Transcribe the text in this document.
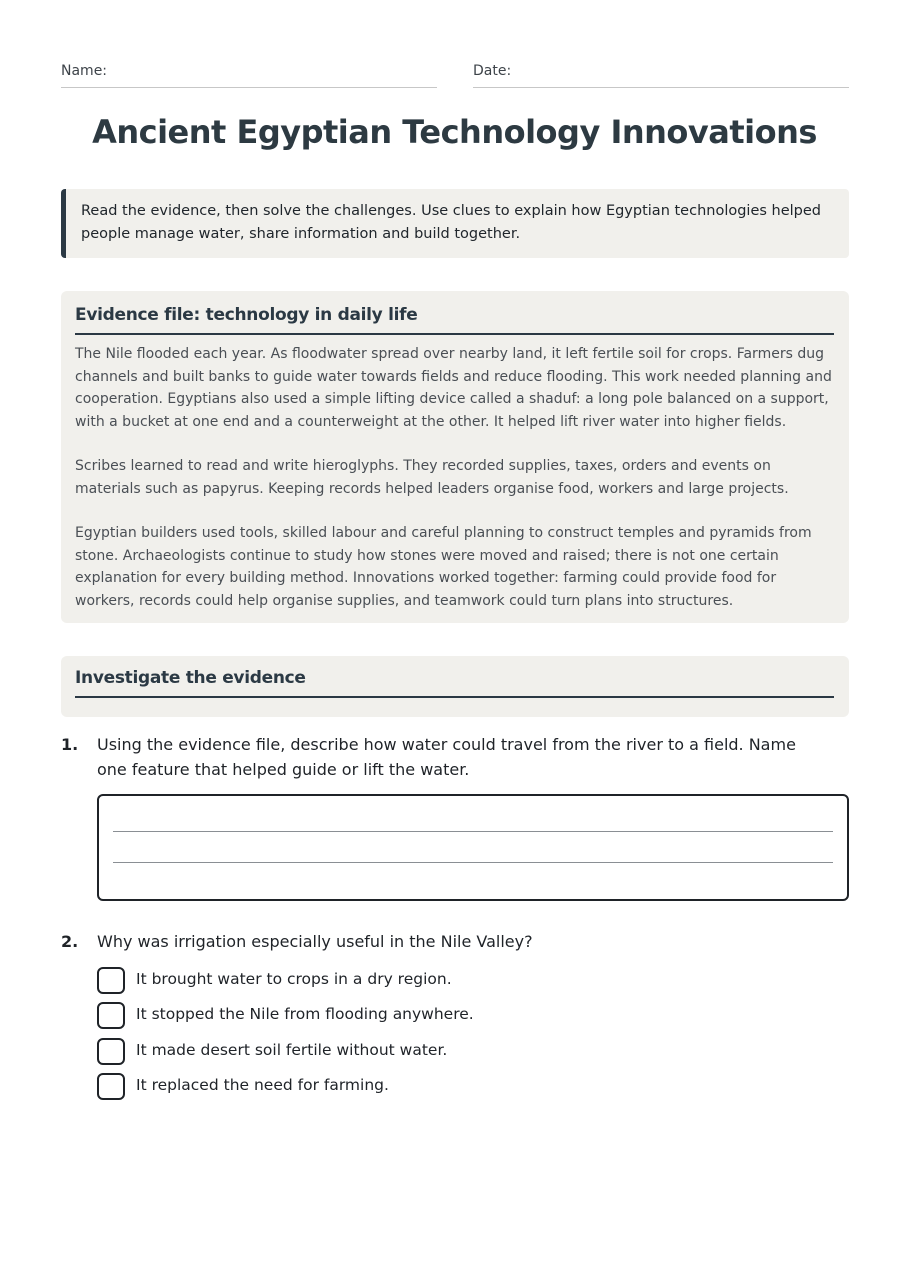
Name:	Date:
Ancient Egyptian Technology Innovations
Read the evidence, then solve the challenges. Use clues to explain how Egyptian technologies helped people manage water, share information and build together.
Evidence file: technology in daily life

The Nile flooded each year. As floodwater spread over nearby land, it left fertile soil for crops. Farmers dug channels and built banks to guide water towards fields and reduce flooding. This work needed planning and cooperation. Egyptians also used a simple lifting device called a shaduf: a long pole balanced on a support, with a bucket at one end and a counterweight at the other. It helped lift river water into higher fields.

Scribes learned to read and write hieroglyphs. They recorded supplies, taxes, orders and events on materials such as papyrus. Keeping records helped leaders organise food, workers and large projects.

Egyptian builders used tools, skilled labour and careful planning to construct temples and pyramids from stone. Archaeologists continue to study how stones were moved and raised; there is not one certain explanation for every building method. Innovations worked together: farming could provide food for workers, records could help organise supplies, and teamwork could turn plans into structures.

Investigate the evidence
1. Using the evidence file, describe how water could travel from the river to a field. Name one feature that helped guide or lift the water.
2. Why was irrigation especially useful in the Nile Valley?
It brought water to crops in a dry region.
It stopped the Nile from flooding anywhere.
It made desert soil fertile without water.
It replaced the need for farming.
